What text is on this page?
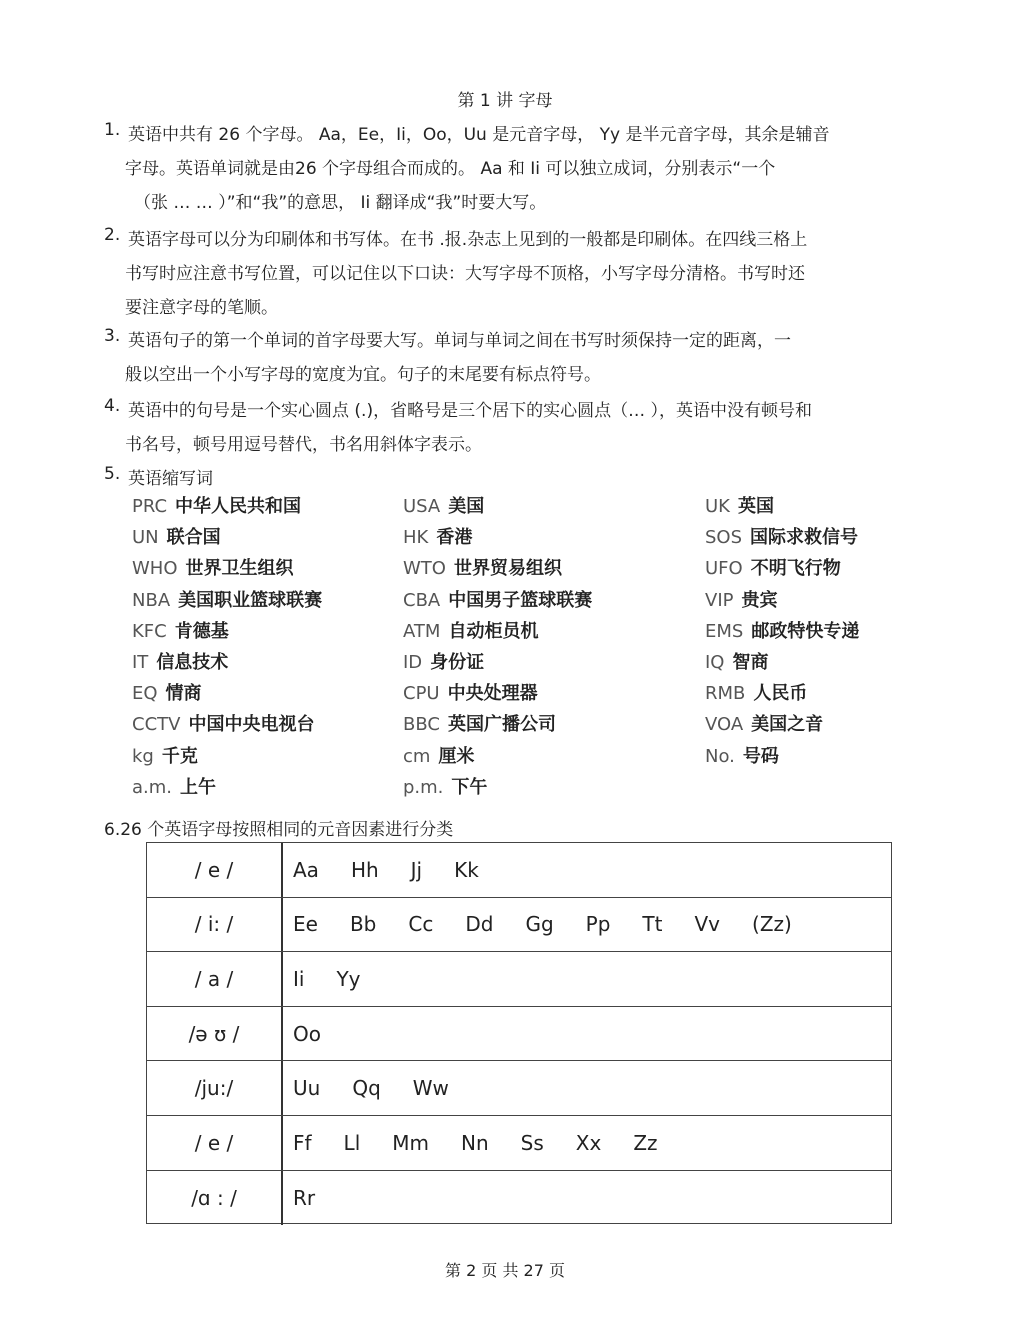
第 1 讲 字母
1. 英语中共有 26 个字母。 Aa，Ee，Ii，Oo，Uu 是元音字母， Yy 是半元音字母，其余是辅音
字母。英语单词就是由26 个字母组合而成的。 Aa 和 Ii 可以独立成词，分别表示“一个
（张 … … ）”和“我”的意思， Ii 翻译成“我”时要大写。
2. 英语字母可以分为印刷体和书写体。在书 .报.杂志上见到的一般都是印刷体。在四线三格上
书写时应注意书写位置，可以记住以下口诀：大写字母不顶格，小写字母分清格。书写时还
要注意字母的笔顺。
3. 英语句子的第一个单词的首字母要大写。单词与单词之间在书写时须保持一定的距离，一
般以空出一个小写字母的宽度为宜。句子的末尾要有标点符号。
4. 英语中的句号是一个实心圆点 (.)，省略号是三个居下的实心圆点（… ），英语中没有顿号和
书名号，顿号用逗号替代，书名用斜体字表示。
5. 英语缩写词
PRC 中华人民共和国	USA 美国	UK 英国
UN 联合国	HK 香港	SOS 国际求救信号
WHO 世界卫生组织	WTO 世界贸易组织	UFO 不明飞行物
NBA 美国职业篮球联赛	CBA 中国男子篮球联赛	VIP 贵宾
KFC 肯德基	ATM 自动柜员机	EMS 邮政特快专递
IT 信息技术	ID 身份证	IQ 智商
EQ 情商	CPU 中央处理器	RMB 人民币
CCTV 中国中央电视台	BBC 英国广播公司	VOA 美国之音
kg 千克	cm 厘米	No. 号码
a.m. 上午	p.m. 下午
6.26 个英语字母按照相同的元音因素进行分类
/ e /	Aa Hh Jj Kk
/ i: /	Ee Bb Cc Dd Gg Pp Tt Vv (Zz)
/ a /	Ii Yy
/ə ʊ /	Oo
/ju:/	Uu Qq Ww
/ e /	Ff Ll Mm Nn Ss Xx Zz
/ɑ : /	Rr
第 2 页 共 27 页
